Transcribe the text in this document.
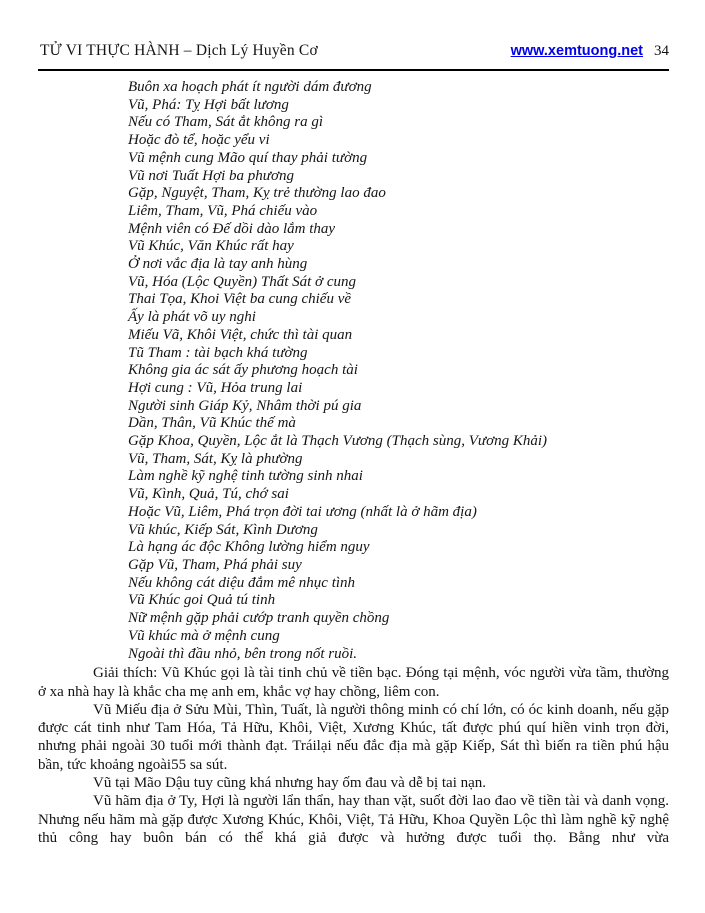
TỬ VI THỰC HÀNH – Dịch Lý Huyền Cơ	www.xemtuong.net 34
Buôn xa hoạch phát ít người dám đương
Vũ, Phá: Tỵ Hợi bất lương
Nếu có Tham, Sát ắt không ra gì
Hoặc đò tể, hoặc yểu vi
Vũ mệnh cung Mão quí thay phải tường
Vũ nơi Tuất Hợi ba phương
Gặp, Nguyệt, Tham, Kỵ trẻ thường lao đao
Liêm, Tham, Vũ, Phá chiếu vào
Mệnh viên có Đế dồi dào lắm thay
Vũ Khúc, Văn Khúc rất hay
Ở nơi vắc địa là tay anh hùng
Vũ, Hóa (Lộc Quyền) Thất Sát ở cung
Thai Tọa, Khoi Việt ba cung chiếu về
Ấy là phát võ uy nghi
Miếu Vã, Khôi Việt, chức thì tài quan
Tũ Tham : tài bạch khá tường
Không gia ác sát ấy phương hoạch tài
Hợi cung : Vũ, Hỏa trung lai
Người sinh Giáp Kỷ, Nhâm thời pú gia
Dần, Thân, Vũ Khúc thế mà
Gặp Khoa, Quyền, Lộc ắt là Thạch Vương (Thạch sùng, Vương Khải)
Vũ, Tham, Sát, Kỵ là phường
Làm nghề kỹ nghệ tinh tường sinh nhai
Vũ, Kình, Quả, Tú, chớ sai
Hoặc Vũ, Liêm, Phá trọn đời tai ương (nhất là ở hãm địa)
Vũ khúc, Kiếp Sát, Kình Dương
Là hạng ác độc Không lường hiểm nguy
Gặp Vũ, Tham, Phá phải suy
Nếu không cát diệu đắm mê nhục tình
Vũ Khúc goi Quả tú tinh
Nữ mệnh gặp phải cướp tranh quyền chồng
Vũ khúc mà ở mệnh cung
Ngoài thì đầu nhỏ, bên trong nốt ruồi.
Giải thích: Vũ Khúc gọi là tài tinh chủ về tiền bạc. Đóng tại mệnh, vóc người vừa tầm, thường ở xa nhà hay là khắc cha mẹ anh em, khắc vợ hay chồng, liêm con.
Vũ Miếu địa ở Sửu Mùi, Thìn, Tuất, là người thông minh có chí lớn, có óc kinh doanh, nếu gặp được cát tinh như Tam Hóa, Tả Hữu, Khôi, Việt, Xương Khúc, tất được phú quí hiền vinh trọn đời, nhưng phải ngoài 30 tuổi mới thành đạt. Tráilại nếu đắc địa mà gặp Kiếp, Sát thì biến ra tiền phú hậu bần, tức khoảng ngoài55 sa sút.
Vũ tại Mão Dậu tuy cũng khá nhưng hay ốm đau và dễ bị tai nạn.
Vũ hãm địa ở Ty, Hợi là người lẩn thẩn, hay than vặt, suốt đời lao đao về tiền tài và danh vọng. Nhưng nếu hãm mà gặp được Xương Khúc, Khôi, Việt, Tả Hữu, Khoa Quyền Lộc thì làm nghề kỹ nghệ thủ công hay buôn bán có thể khá giả được và hưởng được tuổi thọ. Bằng như vừa
